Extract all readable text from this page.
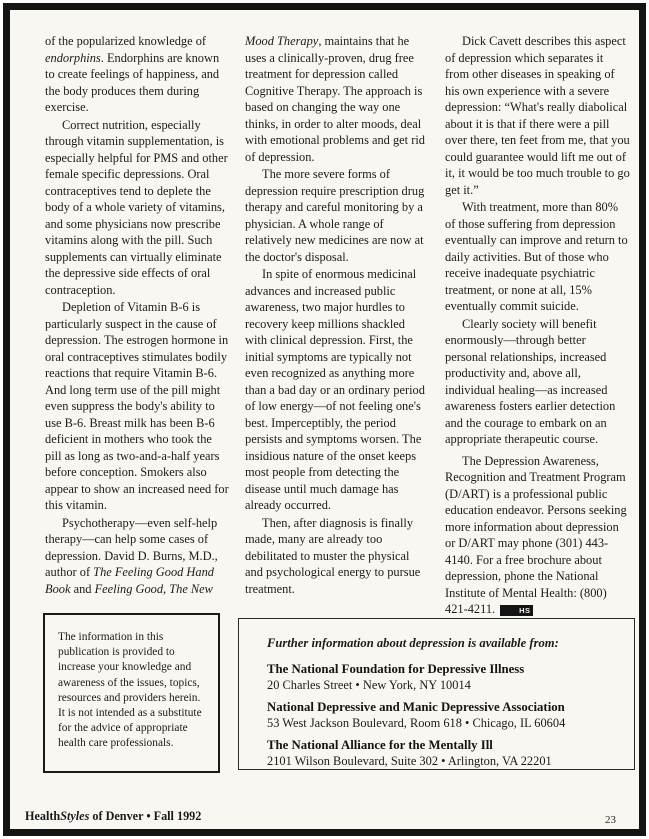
of the popularized knowledge of endorphins. Endorphins are known to create feelings of happiness, and the body produces them during exercise.

Correct nutrition, especially through vitamin supplementation, is especially helpful for PMS and other female specific depressions. Oral contraceptives tend to deplete the body of a whole variety of vitamins, and some physicians now prescribe vitamins along with the pill. Such supplements can virtually eliminate the depressive side effects of oral contraception.

Depletion of Vitamin B-6 is particularly suspect in the cause of depression. The estrogen hormone in oral contraceptives stimulates bodily reactions that require Vitamin B-6. And long term use of the pill might even suppress the body's ability to use B-6. Breast milk has been B-6 deficient in mothers who took the pill as long as two-and-a-half years before conception. Smokers also appear to show an increased need for this vitamin.

Psychotherapy—even self-help therapy—can help some cases of depression. David D. Burns, M.D., author of The Feeling Good Hand Book and Feeling Good, The New

Mood Therapy, maintains that he uses a clinically-proven, drug free treatment for depression called Cognitive Therapy. The approach is based on changing the way one thinks, in order to alter moods, deal with emotional problems and get rid of depression.

The more severe forms of depression require prescription drug therapy and careful monitoring by a physician. A whole range of relatively new medicines are now at the doctor's disposal.

In spite of enormous medicinal advances and increased public awareness, two major hurdles to recovery keep millions shackled with clinical depression. First, the initial symptoms are typically not even recognized as anything more than a bad day or an ordinary period of low energy—of not feeling one's best. Imperceptibly, the period persists and symptoms worsen. The insidious nature of the onset keeps most people from detecting the disease until much damage has already occurred.

Then, after diagnosis is finally made, many are already too debilitated to muster the physical and psychological energy to pursue treatment.

Dick Cavett describes this aspect of depression which separates it from other diseases in speaking of his own experience with a severe depression: “What's really diabolical about it is that if there were a pill over there, ten feet from me, that you could guarantee would lift me out of it, it would be too much trouble to go get it.”

With treatment, more than 80% of those suffering from depression eventually can improve and return to daily activities. But of those who receive inadequate psychiatric treatment, or none at all, 15% eventually commit suicide.

Clearly society will benefit enormously—through better personal relationships, increased productivity and, above all, individual healing—as increased awareness fosters earlier detection and the courage to embark on an appropriate therapeutic course.

The Depression Awareness, Recognition and Treatment Program (D/ART) is a professional public education endeavor. Persons seeking more information about depression or D/ART may phone (301) 443-4140. For a free brochure about depression, phone the National Institute of Mental Health: (800) 421-4211.	HS

The information in this publication is provided to increase your knowledge and awareness of the issues, topics, resources and providers herein. It is not intended as a substitute for the advice of appropriate health care professionals.

Further information about depression is available from:

The National Foundation for Depressive Illness
20 Charles Street • New York, NY 10014
National Depressive and Manic Depressive Association
53 West Jackson Boulevard, Room 618 • Chicago, IL 60604
The National Alliance for the Mentally Ill
2101 Wilson Boulevard, Suite 302 • Arlington, VA 22201
HealthStyles of Denver • Fall 1992	23
